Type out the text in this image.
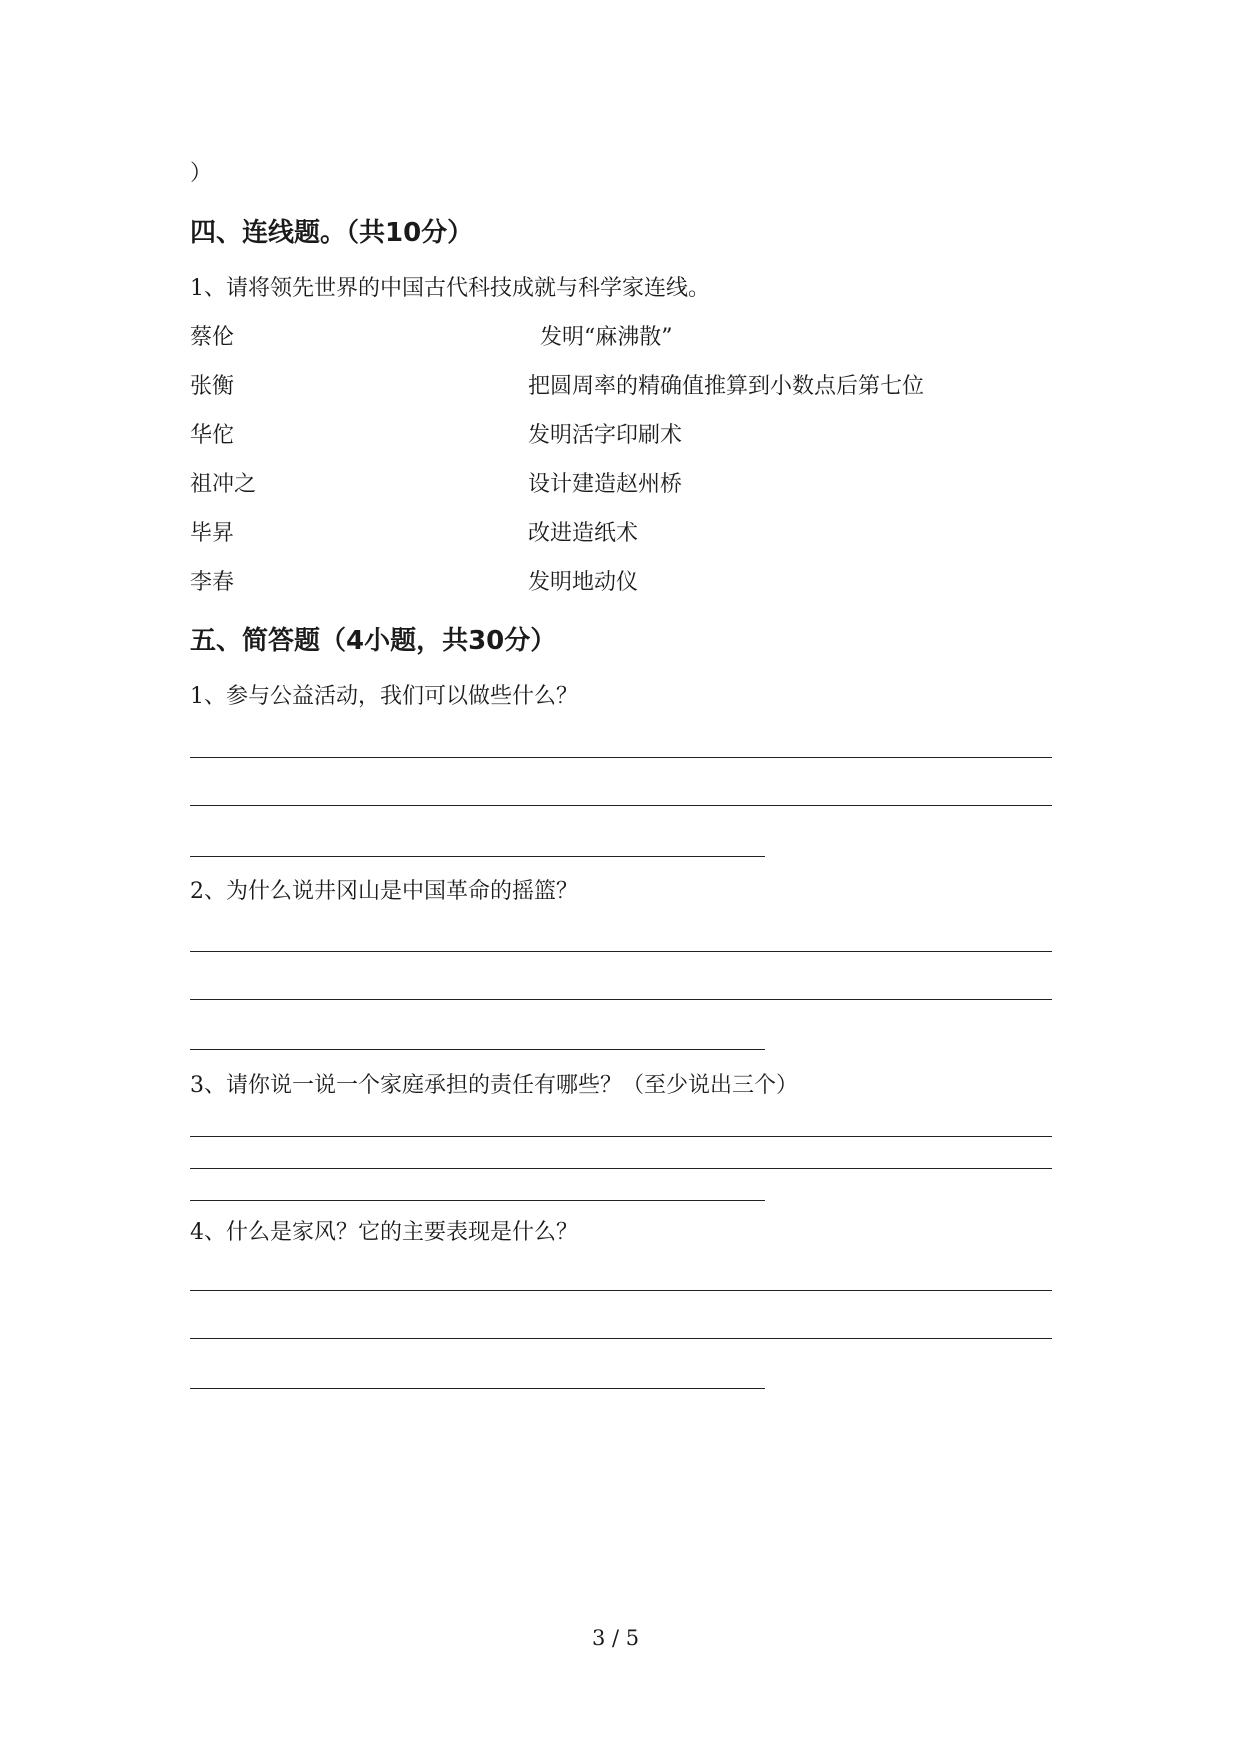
）
四、连线题。（共10分）
1、请将领先世界的中国古代科技成就与科学家连线。
蔡伦	发明“麻沸散”
张衡	把圆周率的精确值推算到小数点后第七位
华佗	发明活字印刷术
祖冲之	设计建造赵州桥
毕昇	改进造纸术
李春	发明地动仪
五、简答题（4小题，共30分）
1、参与公益活动，我们可以做些什么？
2、为什么说井冈山是中国革命的摇篮？
3、请你说一说一个家庭承担的责任有哪些？（至少说出三个）
4、什么是家风？它的主要表现是什么？
3 / 5
